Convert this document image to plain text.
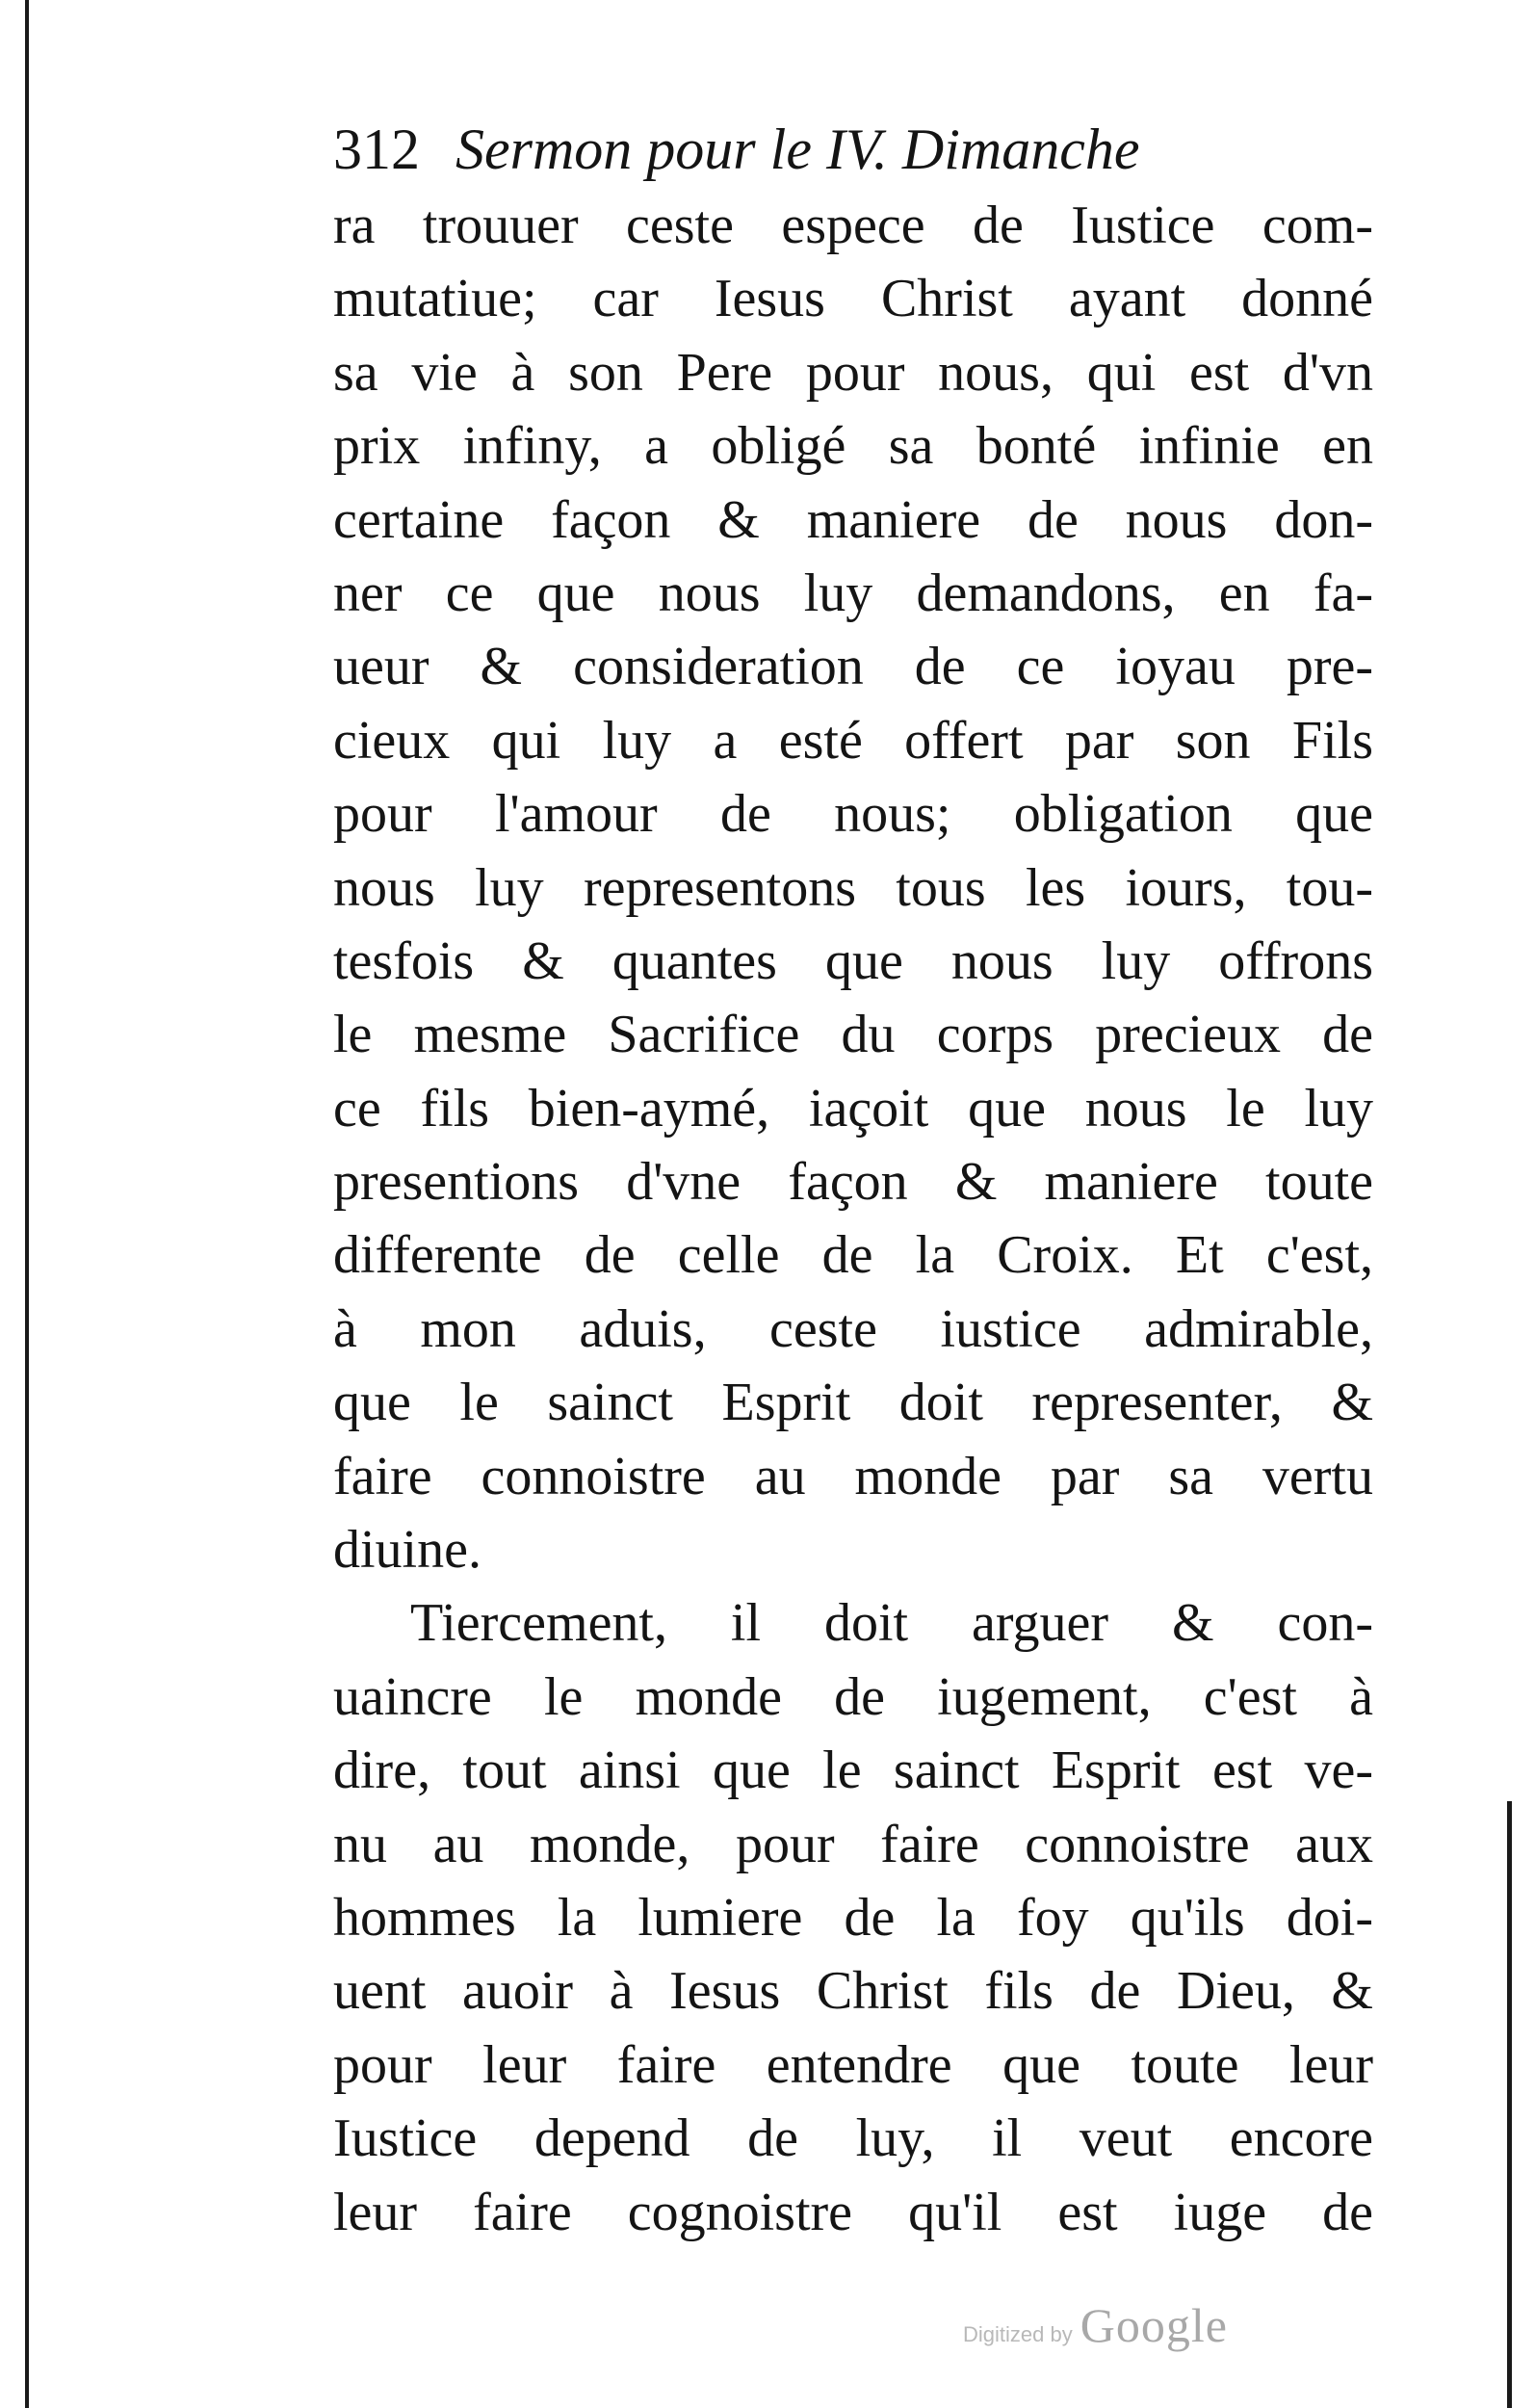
312 Sermon pour le IV. Dimanche
ra trouuer ceste espece de Iustice com-
mutatiue; car Iesus Christ ayant donné
sa vie à son Pere pour nous, qui est d'vn
prix infiny, a obligé sa bonté infinie en
certaine façon & maniere de nous don-
ner ce que nous luy demandons, en fa-
ueur & consideration de ce ioyau pre-
cieux qui luy a esté offert par son Fils
pour l'amour de nous; obligation que
nous luy representons tous les iours, tou-
tesfois & quantes que nous luy offrons
le mesme Sacrifice du corps precieux de
ce fils bien-aymé, iaçoit que nous le luy
presentions d'vne façon & maniere toute
differente de celle de la Croix. Et c'est,
à mon aduis, ceste iustice admirable,
que le sainct Esprit doit representer, &
faire connoistre au monde par sa vertu
diuine.
Tiercement, il doit arguer & con-
uaincre le monde de iugement, c'est à
dire, tout ainsi que le sainct Esprit est ve-
nu au monde, pour faire connoistre aux
hommes la lumiere de la foy qu'ils doi-
uent auoir à Iesus Christ fils de Dieu, &
pour leur faire entendre que toute leur
Iustice depend de luy, il veut encore
leur faire cognoistre qu'il est iuge de
Digitized by Google
